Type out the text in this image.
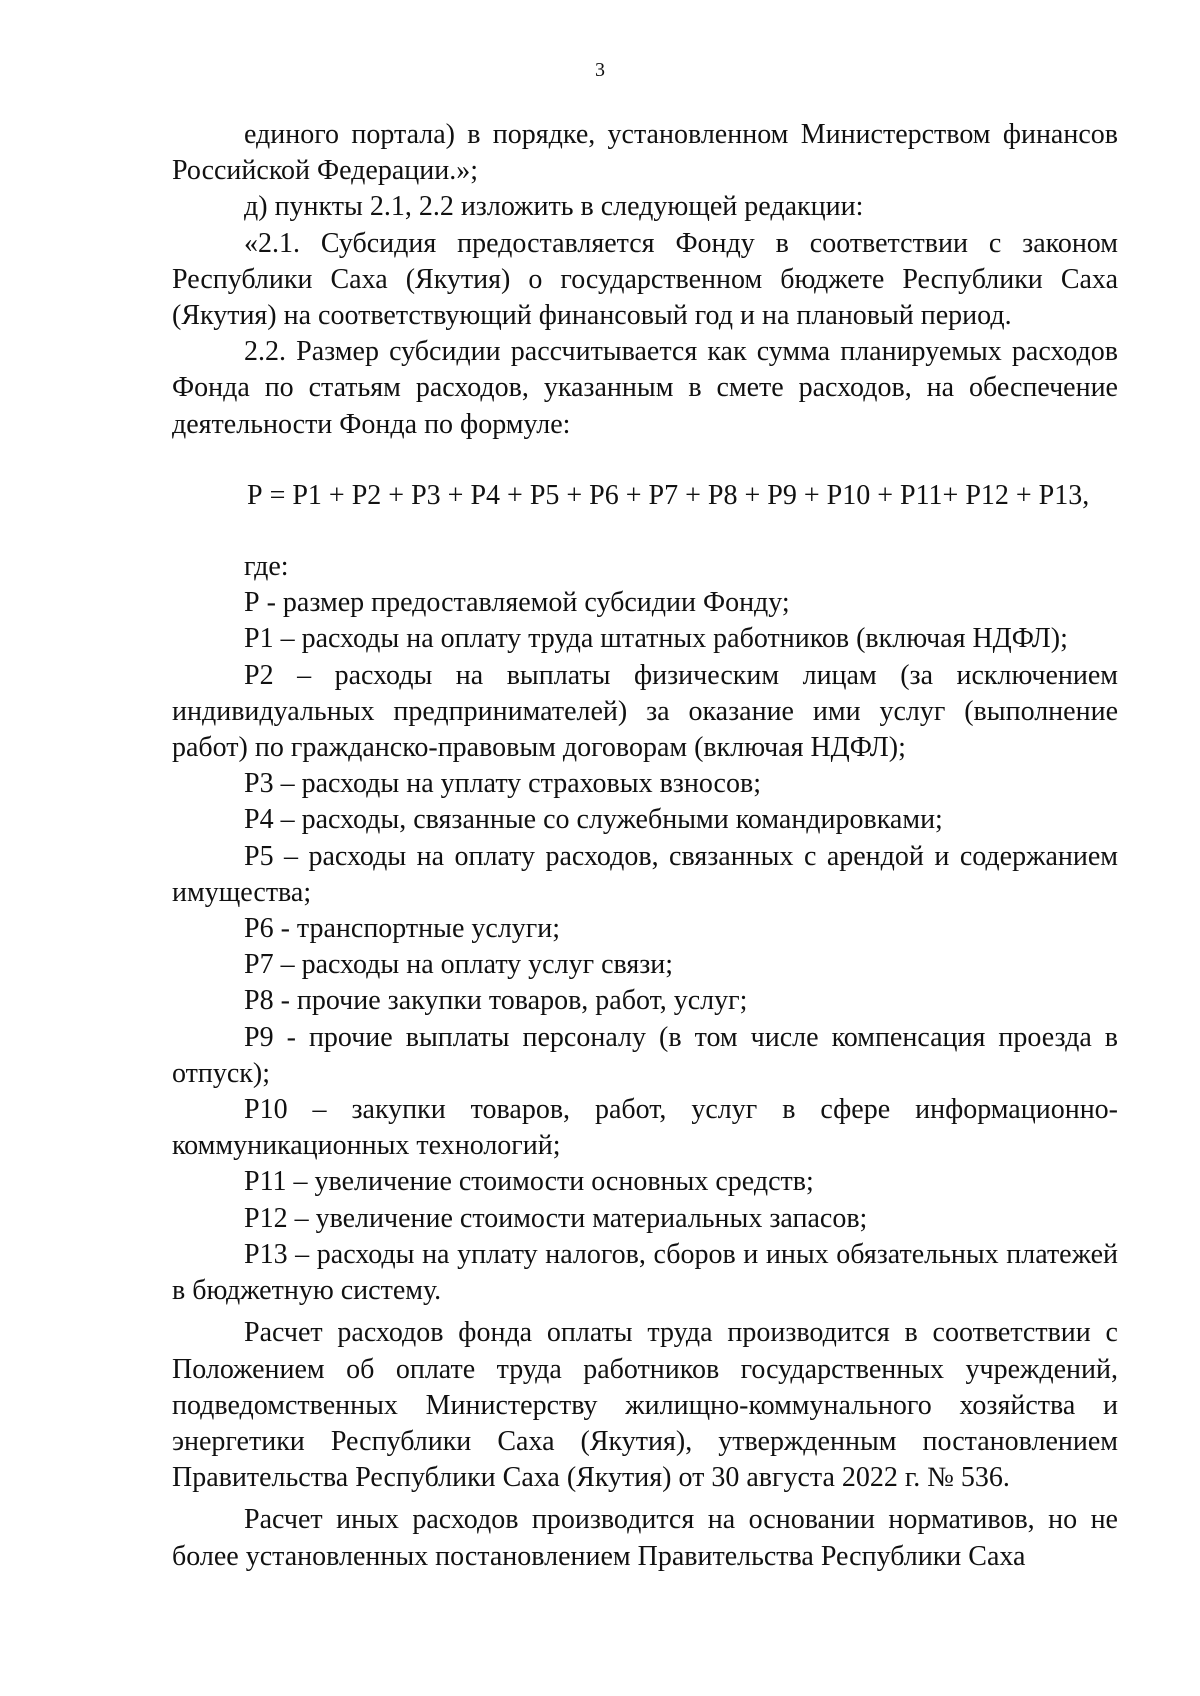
3

единого портала) в порядке, установленном Министерством финансов Российской Федерации.»;

д) пункты 2.1, 2.2 изложить в следующей редакции:

«2.1. Субсидия предоставляется Фонду в соответствии с законом Республики Саха (Якутия) о государственном бюджете Республики Саха (Якутия) на соответствующий финансовый год и на плановый период.

2.2. Размер субсидии рассчитывается как сумма планируемых расходов Фонда по статьям расходов, указанным в смете расходов, на обеспечение деятельности Фонда по формуле:

Р = Р1 + Р2 + Р3 + Р4 + Р5 + Р6 + Р7 + Р8 + Р9 + Р10 + Р11+ Р12 + Р13,

где:

Р - размер предоставляемой субсидии Фонду;

Р1 – расходы на оплату труда штатных работников (включая НДФЛ);

Р2 – расходы на выплаты физическим лицам (за исключением индивидуальных предпринимателей) за оказание ими услуг (выполнение работ) по гражданско-правовым договорам (включая НДФЛ);

Р3 – расходы на уплату страховых взносов;

Р4 – расходы, связанные со служебными командировками;

Р5 – расходы на оплату расходов, связанных с арендой и содержанием имущества;

Р6 - транспортные услуги;

Р7 – расходы на оплату услуг связи;

Р8 - прочие закупки товаров, работ, услуг;

Р9 - прочие выплаты персоналу (в том числе компенсация проезда в отпуск);

Р10 – закупки товаров, работ, услуг в сфере информационно-коммуникационных технологий;

Р11 – увеличение стоимости основных средств;

Р12 – увеличение стоимости материальных запасов;

Р13 – расходы на уплату налогов, сборов и иных обязательных платежей в бюджетную систему.

Расчет расходов фонда оплаты труда производится в соответствии с Положением об оплате труда работников государственных учреждений, подведомственных Министерству жилищно-коммунального хозяйства и энергетики Республики Саха (Якутия), утвержденным постановлением Правительства Республики Саха (Якутия) от 30 августа 2022 г. № 536.

Расчет иных расходов производится на основании нормативов, но не более установленных постановлением Правительства Республики Саха
